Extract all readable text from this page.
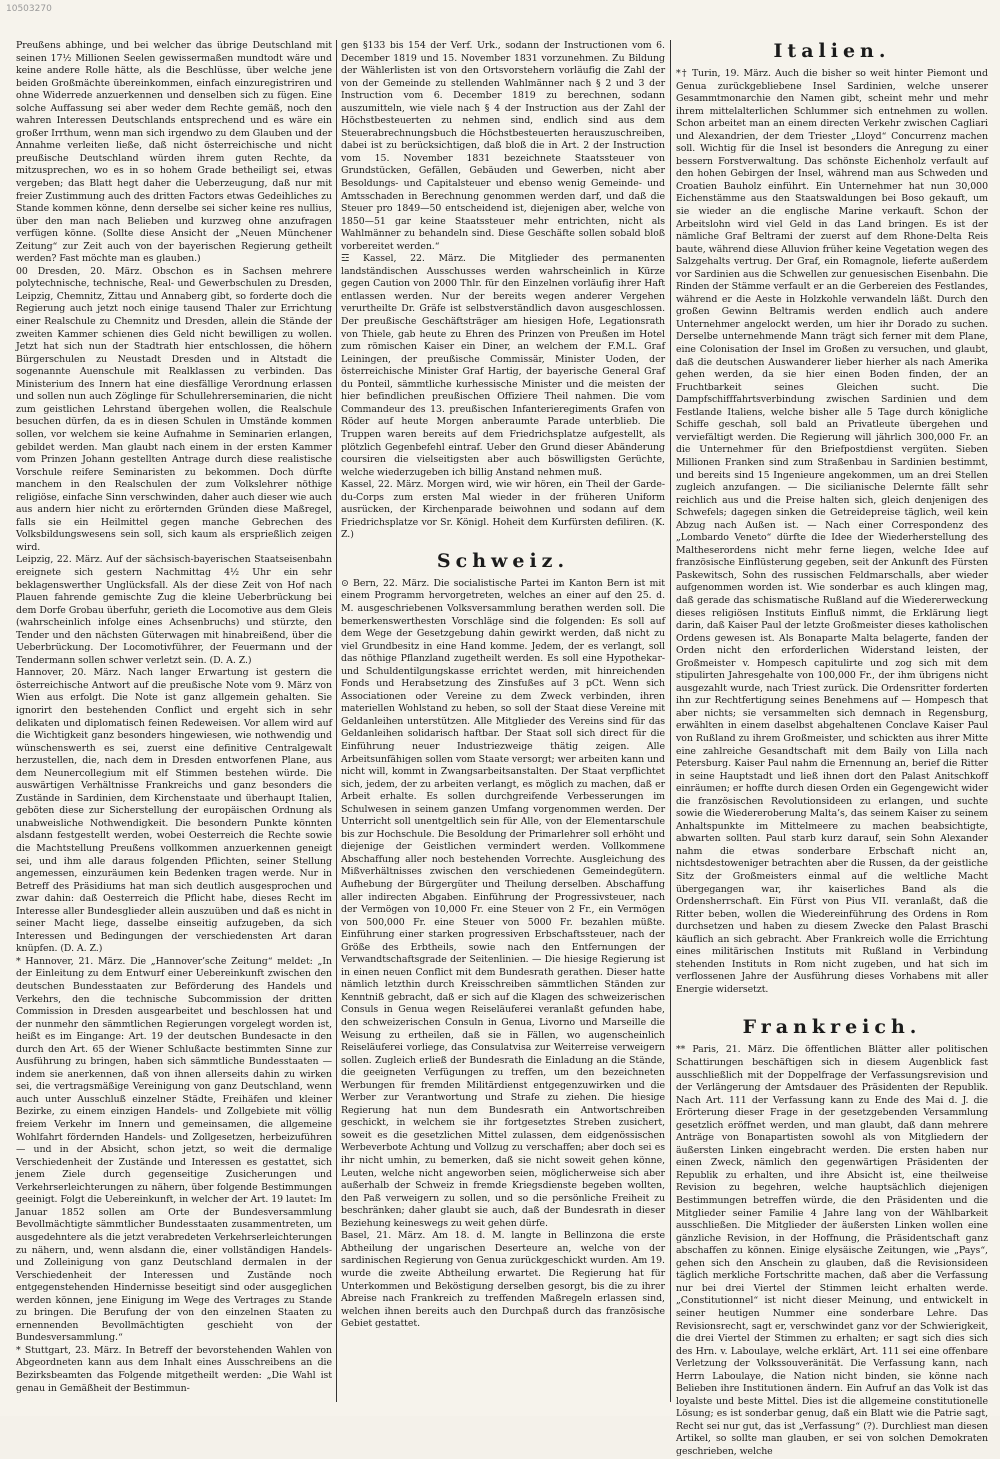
10503270

Preußens abhinge, und bei welcher das übrige Deutschland mit seinen 17½ Millionen Seelen gewissermaßen mundtodt wäre und keine andere Rolle hätte, als die Beschlüsse, über welche jene beiden Großmächte übereinkommen, einfach einzuregistriren und ohne Widerrede anzuerkennen und denselben sich zu fügen. Eine solche Auffassung sei aber weder dem Rechte gemäß, noch den wahren Interessen Deutschlands entsprechend und es wäre ein großer Irrthum, wenn man sich irgendwo zu dem Glauben und der Annahme verleiten ließe, daß nicht österreichische und nicht preußische Deutschland würden ihrem guten Rechte, da mitzusprechen, wo es in so hohem Grade betheiligt sei, etwas vergeben; das Blatt hegt daher die Ueberzeugung, daß nur mit freier Zustimmung auch des dritten Factors etwas Gedeihliches zu Stande kommen könne, denn derselbe sei sicher keine res nullius, über den man nach Belieben und kurzweg ohne anzufragen verfügen könne. (Sollte diese Ansicht der „Neuen Münchener Zeitung“ zur Zeit auch von der bayerischen Regierung getheilt werden? Fast möchte man es glauben.)

00 Dresden, 20. März. Obschon es in Sachsen mehrere polytechnische, technische, Real- und Gewerbschulen zu Dresden, Leipzig, Chemnitz, Zittau und Annaberg gibt, so forderte doch die Regierung auch jetzt noch einige tausend Thaler zur Errichtung einer Realschule zu Chemnitz und Dresden, allein die Stände der zweiten Kammer schienen dies Geld nicht bewilligen zu wollen. Jetzt hat sich nun der Stadtrath hier entschlossen, die höhern Bürgerschulen zu Neustadt Dresden und in Altstadt die sogenannte Auenschule mit Realklassen zu verbinden. Das Ministerium des Innern hat eine diesfällige Verordnung erlassen und sollen nun auch Zöglinge für Schullehrerseminarien, die nicht zum geistlichen Lehrstand übergehen wollen, die Realschule besuchen dürfen, da es in diesen Schulen in Umstände kommen sollen, vor welchem sie keine Aufnahme in Seminarien erlangen, gebildet werden. Man glaubt nach einem in der ersten Kammer vom Prinzen Johann gestellten Antrage durch diese realistische Vorschule reifere Seminaristen zu bekommen. Doch dürfte manchem in den Realschulen der zum Volkslehrer nöthige religiöse, einfache Sinn verschwinden, daher auch dieser wie auch aus andern hier nicht zu erörternden Gründen diese Maßregel, falls sie ein Heilmittel gegen manche Gebrechen des Volksbildungswesens sein soll, sich kaum als ersprießlich zeigen wird.

Leipzig, 22. März. Auf der sächsisch-bayerischen Staatseisenbahn ereignete sich gestern Nachmittag 4½ Uhr ein sehr beklagenswerther Unglücksfall. Als der diese Zeit von Hof nach Plauen fahrende gemischte Zug die kleine Ueberbrückung bei dem Dorfe Grobau überfuhr, gerieth die Locomotive aus dem Gleis (wahrscheinlich infolge eines Achsenbruchs) und stürzte, den Tender und den nächsten Güterwagen mit hinabreißend, über die Ueberbrückung. Der Locomotivführer, der Feuermann und der Tendermann sollen schwer verletzt sein. (D. A. Z.)

Hannover, 20. März. Nach langer Erwartung ist gestern die österreichische Antwort auf die preußische Note vom 9. März von Wien aus erfolgt. Die Note ist ganz allgemein gehalten. Sie ignorirt den bestehenden Conflict und ergeht sich in sehr delikaten und diplomatisch feinen Redeweisen. Vor allem wird auf die Wichtigkeit ganz besonders hingewiesen, wie nothwendig und wünschenswerth es sei, zuerst eine definitive Centralgewalt herzustellen, die, nach dem in Dresden entworfenen Plane, aus dem Neunercollegium mit elf Stimmen bestehen würde. Die auswärtigen Verhältnisse Frankreichs und ganz besonders die Zustände in Sardinien, dem Kirchenstaate und überhaupt Italien, geböten diese zur Sicherstellung der europäischen Ordnung als unabweisliche Nothwendigkeit. Die besondern Punkte könnten alsdann festgestellt werden, wobei Oesterreich die Rechte sowie die Machtstellung Preußens vollkommen anzuerkennen geneigt sei, und ihm alle daraus folgenden Pflichten, seiner Stellung angemessen, einzuräumen kein Bedenken tragen werde. Nur in Betreff des Präsidiums hat man sich deutlich ausgesprochen und zwar dahin: daß Oesterreich die Pflicht habe, dieses Recht im Interesse aller Bundesglieder allein auszuüben und daß es nicht in seiner Macht liege, dasselbe einseitig aufzugeben, da sich Interessen und Bedingungen der verschiedensten Art daran knüpfen. (D. A. Z.)

* Hannover, 21. März. Die „Hannover’sche Zeitung“ meldet: „In der Einleitung zu dem Entwurf einer Uebereinkunft zwischen den deutschen Bundesstaaten zur Beförderung des Handels und Verkehrs, den die technische Subcommission der dritten Commission in Dresden ausgearbeitet und beschlossen hat und der nunmehr den sämmtlichen Regierungen vorgelegt worden ist, heißt es im Eingange: Art. 19 der deutschen Bundesacte in den durch den Art. 65 der Wiener Schlußacte bestimmten Sinne zur Ausführung zu bringen, haben sich sämmtliche Bundesstaaten — indem sie anerkennen, daß von ihnen allerseits dahin zu wirken sei, die vertragsmäßige Vereinigung von ganz Deutschland, wenn auch unter Ausschluß einzelner Städte, Freihäfen und kleiner Bezirke, zu einem einzigen Handels- und Zollgebiete mit völlig freiem Verkehr im Innern und gemeinsamen, die allgemeine Wohlfahrt fördernden Handels- und Zollgesetzen, herbeizuführen — und in der Absicht, schon jetzt, so weit die dermalige Verschiedenheit der Zustände und Interessen es gestattet, sich jenem Ziele durch gegenseitige Zusicherungen und Verkehrserleichterungen zu nähern, über folgende Bestimmungen geeinigt. Folgt die Uebereinkunft, in welcher der Art. 19 lautet: Im Januar 1852 sollen am Orte der Bundesversammlung Bevollmächtigte sämmtlicher Bundesstaaten zusammentreten, um ausgedehntere als die jetzt verabredeten Verkehrserleichterungen zu nähern, und, wenn alsdann die, einer vollständigen Handels- und Zolleinigung von ganz Deutschland dermalen in der Verschiedenheit der Interessen und Zustände noch entgegenstehenden Hindernisse beseitigt sind oder ausgeglichen werden können, jene Einigung im Wege des Vertrages zu Stande zu bringen. Die Berufung der von den einzelnen Staaten zu ernennenden Bevollmächtigten geschieht von der Bundesversammlung.“

* Stuttgart, 23. März. In Betreff der bevorstehenden Wahlen von Abgeordneten kann aus dem Inhalt eines Ausschreibens an die Bezirksbeamten das Folgende mitgetheilt werden: „Die Wahl ist genau in Gemäßheit der Bestimmun-

gen §133 bis 154 der Verf. Urk., sodann der Instructionen vom 6. December 1819 und 15. November 1831 vorzunehmen. Zu Bildung der Wählerlisten ist von den Ortsvorstehern vorläufig die Zahl der von der Gemeinde zu stellenden Wahlmänner nach § 2 und 3 der Instruction vom 6. December 1819 zu berechnen, sodann auszumitteln, wie viele nach § 4 der Instruction aus der Zahl der Höchstbesteuerten zu nehmen sind, endlich sind aus dem Steuerabrechnungsbuch die Höchstbesteuerten herauszuschreiben, dabei ist zu berücksichtigen, daß bloß die in Art. 2 der Instruction vom 15. November 1831 bezeichnete Staatssteuer von Grundstücken, Gefällen, Gebäuden und Gewerben, nicht aber Besoldungs- und Capitalsteuer und ebenso wenig Gemeinde- und Amtsschaden in Berechnung genommen werden darf, und daß die Steuer pro 1849—50 entscheidend ist, diejenigen aber, welche von 1850—51 gar keine Staatssteuer mehr entrichten, nicht als Wahlmänner zu behandeln sind. Diese Geschäfte sollen sobald bloß vorbereitet werden.“

☲ Kassel, 22. März. Die Mitglieder des permanenten landständischen Ausschusses werden wahrscheinlich in Kürze gegen Caution von 2000 Thlr. für den Einzelnen vorläufig ihrer Haft entlassen werden. Nur der bereits wegen anderer Vergehen verurtheilte Dr. Gräfe ist selbstverständlich davon ausgeschlossen. Der preußische Geschäftsträger am hiesigen Hofe, Legationsrath von Thiele, gab heute zu Ehren des Prinzen von Preußen im Hotel zum römischen Kaiser ein Diner, an welchem der F.M.L. Graf Leiningen, der preußische Commissär, Minister Uoden, der österreichische Minister Graf Hartig, der bayerische General Graf du Ponteil, sämmtliche kurhessische Minister und die meisten der hier befindlichen preußischen Offiziere Theil nahmen. Die vom Commandeur des 13. preußischen Infanterieregiments Grafen von Röder auf heute Morgen anberaumte Parade unterblieb. Die Truppen waren bereits auf dem Friedrichsplatze aufgestellt, als plötzlich Gegenbefehl eintraf. Ueber den Grund dieser Abänderung coursiren die vielseitigsten aber auch böswilligsten Gerüchte, welche wiederzugeben ich billig Anstand nehmen muß.

Kassel, 22. März. Morgen wird, wie wir hören, ein Theil der Garde-du-Corps zum ersten Mal wieder in der früheren Uniform ausrücken, der Kirchenparade beiwohnen und sodann auf dem Friedrichsplatze vor Sr. Königl. Hoheit dem Kurfürsten defiliren. (K. Z.)

Schweiz.

⊙ Bern, 22. März. Die socialistische Partei im Kanton Bern ist mit einem Programm hervorgetreten, welches an einer auf den 25. d. M. ausgeschriebenen Volksversammlung berathen werden soll. Die bemerkenswerthesten Vorschläge sind die folgenden: Es soll auf dem Wege der Gesetzgebung dahin gewirkt werden, daß nicht zu viel Grundbesitz in eine Hand komme. Jedem, der es verlangt, soll das nöthige Pflanzland zugetheilt werden. Es soll eine Hypothekar- und Schuldentilgungskasse errichtet werden, mit hinreichenden Fonds und Herabsetzung des Zinsfußes auf 3 pCt. Wenn sich Associationen oder Vereine zu dem Zweck verbinden, ihren materiellen Wohlstand zu heben, so soll der Staat diese Vereine mit Geldanleihen unterstützen. Alle Mitglieder des Vereins sind für das Geldanleihen solidarisch haftbar. Der Staat soll sich direct für die Einführung neuer Industriezweige thätig zeigen. Alle Arbeitsunfähigen sollen vom Staate versorgt; wer arbeiten kann und nicht will, kommt in Zwangsarbeitsanstalten. Der Staat verpflichtet sich, jedem, der zu arbeiten verlangt, es möglich zu machen, daß er Arbeit erhalte. Es sollen durchgreifende Verbesserungen im Schulwesen in seinem ganzen Umfang vorgenommen werden. Der Unterricht soll unentgeltlich sein für Alle, von der Elementarschule bis zur Hochschule. Die Besoldung der Primarlehrer soll erhöht und diejenige der Geistlichen vermindert werden. Vollkommene Abschaffung aller noch bestehenden Vorrechte. Ausgleichung des Mißverhältnisses zwischen den verschiedenen Gemeindegütern. Aufhebung der Bürgergüter und Theilung derselben. Abschaffung aller indirecten Abgaben. Einführung der Progressivsteuer, nach der Vermögen von 10,000 Fr. eine Steuer von 2 Fr., ein Vermögen von 500,000 Fr. eine Steuer von 5000 Fr. bezahlen müßte. Einführung einer starken progressiven Erbschaftssteuer, nach der Größe des Erbtheils, sowie nach den Entfernungen der Verwandtschaftsgrade der Seitenlinien. — Die hiesige Regierung ist in einen neuen Conflict mit dem Bundesrath gerathen. Dieser hatte nämlich letzthin durch Kreisschreiben sämmtlichen Ständen zur Kenntniß gebracht, daß er sich auf die Klagen des schweizerischen Consuls in Genua wegen Reiseläuferei veranlaßt gefunden habe, den schweizerischen Consuln in Genua, Livorno und Marseille die Weisung zu ertheilen, daß sie in Fällen, wo augenscheinlich Reiseläuferei vorliege, das Consulatvisa zur Weiterreise verweigern sollen. Zugleich erließ der Bundesrath die Einladung an die Stände, die geeigneten Verfügungen zu treffen, um den bezeichneten Werbungen für fremden Militärdienst entgegenzuwirken und die Werber zur Verantwortung und Strafe zu ziehen. Die hiesige Regierung hat nun dem Bundesrath ein Antwortschreiben geschickt, in welchem sie ihr fortgesetztes Streben zusichert, soweit es die gesetzlichen Mittel zulassen, dem eidgenössischen Werbeverbote Achtung und Vollzug zu verschaffen; aber doch sei es ihr nicht umhin, zu bemerken, daß sie nicht soweit gehen könne, Leuten, welche nicht angeworben seien, möglicherweise sich aber außerhalb der Schweiz in fremde Kriegsdienste begeben wollten, den Paß verweigern zu sollen, und so die persönliche Freiheit zu beschränken; daher glaubt sie auch, daß der Bundesrath in dieser Beziehung keineswegs zu weit gehen dürfe.

Basel, 21. März. Am 18. d. M. langte in Bellinzona die erste Abtheilung der ungarischen Deserteure an, welche von der sardinischen Regierung von Genua zurückgeschickt wurden. Am 19. wurde die zweite Abtheilung erwartet. Die Regierung hat für Unterkommen und Beköstigung derselben gesorgt, bis die zu ihrer Abreise nach Frankreich zu treffenden Maßregeln erlassen sind, welchen ihnen bereits auch den Durchpaß durch das französische Gebiet gestattet.

Italien.

*† Turin, 19. März. Auch die bisher so weit hinter Piemont und Genua zurückgebliebene Insel Sardinien, welche unserer Gesammtmonarchie den Namen gibt, scheint mehr und mehr ihrem mittelalterlichen Schlummer sich entnehmen zu wollen. Schon arbeitet man an einem directen Verkehr zwischen Cagliari und Alexandrien, der dem Triester „Lloyd“ Concurrenz machen soll. Wichtig für die Insel ist besonders die Anregung zu einer bessern Forstverwaltung. Das schönste Eichenholz verfault auf den hohen Gebirgen der Insel, während man aus Schweden und Croatien Bauholz einführt. Ein Unternehmer hat nun 30,000 Eichenstämme aus den Staatswaldungen bei Boso gekauft, um sie wieder an die englische Marine verkauft. Schon der Arbeitslohn wird viel Geld in das Land bringen. Es ist der nämliche Graf Beltrami der zuerst auf dem Rhone-Delta Reis baute, während diese Alluvion früher keine Vegetation wegen des Salzgehalts vertrug. Der Graf, ein Romagnole, lieferte außerdem vor Sardinien aus die Schwellen zur genuesischen Eisenbahn. Die Rinden der Stämme verfault er an die Gerbereien des Festlandes, während er die Aeste in Holzkohle verwandeln läßt. Durch den großen Gewinn Beltramis werden endlich auch andere Unternehmer angelockt werden, um hier ihr Dorado zu suchen. Derselbe unternehmende Mann trägt sich ferner mit dem Plane, eine Colonisation der Insel im Großen zu versuchen, und glaubt, daß die deutschen Auswanderer lieber hierher als nach Amerika gehen werden, da sie hier einen Boden finden, der an Fruchtbarkeit seines Gleichen sucht. Die Dampfschifffahrtsverbindung zwischen Sardinien und dem Festlande Italiens, welche bisher alle 5 Tage durch königliche Schiffe geschah, soll bald an Privatleute übergehen und verviefältigt werden. Die Regierung will jährlich 300,000 Fr. an die Unternehmer für den Briefpostdienst vergüten. Sieben Millionen Franken sind zum Straßenbau in Sardinien bestimmt, und bereits sind 15 Ingenieure angekommen, um an drei Stellen zugleich anzufangen. — Die sicilianische Delernte fällt sehr reichlich aus und die Preise halten sich, gleich denjenigen des Schwefels; dagegen sinken die Getreidepreise täglich, weil kein Abzug nach Außen ist. — Nach einer Correspondenz des „Lombardo Veneto“ dürfte die Idee der Wiederherstellung des Maltheserordens nicht mehr ferne liegen, welche Idee auf französische Einflüsterung gegeben, seit der Ankunft des Fürsten Paskewitsch, Sohn des russischen Feldmarschalls, aber wieder aufgenommen worden ist. Wie sonderbar es auch klingen mag, daß gerade das schismatische Rußland auf die Wiedererweckung dieses religiösen Instituts Einfluß nimmt, die Erklärung liegt darin, daß Kaiser Paul der letzte Großmeister dieses katholischen Ordens gewesen ist. Als Bonaparte Malta belagerte, fanden der Orden nicht den erforderlichen Widerstand leisten, der Großmeister v. Hompesch capitulirte und zog sich mit dem stipulirten Jahresgehalte von 100,000 Fr., der ihm übrigens nicht ausgezahlt wurde, nach Triest zurück. Die Ordensritter forderten ihn zur Rechtfertigung seines Benehmens auf — Hompesch that aber nichts; sie versammelten sich demnach in Regensburg, erwählten in einem daselbst abgehaltenen Conclave Kaiser Paul von Rußland zu ihrem Großmeister, und schickten aus ihrer Mitte eine zahlreiche Gesandtschaft mit dem Baily von Lilla nach Petersburg. Kaiser Paul nahm die Ernennung an, berief die Ritter in seine Hauptstadt und ließ ihnen dort den Palast Anitschkoff einräumen; er hoffte durch diesen Orden ein Gegengewicht wider die französischen Revolutionsideen zu erlangen, und suchte sowie die Wiedereroberung Malta’s, das seinem Kaiser zu seinem Anhaltspunkte im Mittelmeere zu machen beabsichtigte, abwarten sollten. Paul starb kurz darauf, sein Sohn Alexander nahm die etwas sonderbare Erbschaft nicht an, nichtsdestoweniger betrachten aber die Russen, da der geistliche Sitz der Großmeisters einmal auf die weltliche Macht übergegangen war, ihr kaiserliches Band als die Ordensherrschaft. Ein Fürst von Pius VII. veranlaßt, daß die Ritter beben, wollen die Wiedereinführung des Ordens in Rom durchsetzen und haben zu diesem Zwecke den Palast Braschi käuflich an sich gebracht. Aber Frankreich wolle die Errichtung eines militärischen Instituts mit Rußland in Verbindung stehenden Instituts in Rom nicht zugeben, und hat sich im verflossenen Jahre der Ausführung dieses Vorhabens mit aller Energie widersetzt.

Frankreich.

** Paris, 21. März. Die öffentlichen Blätter aller politischen Schattirungen beschäftigen sich in diesem Augenblick fast ausschließlich mit der Doppelfrage der Verfassungsrevision und der Verlängerung der Amtsdauer des Präsidenten der Republik. Nach Art. 111 der Verfassung kann zu Ende des Mai d. J. die Erörterung dieser Frage in der gesetzgebenden Versammlung gesetzlich eröffnet werden, und man glaubt, daß dann mehrere Anträge von Bonapartisten sowohl als von Mitgliedern der äußersten Linken eingebracht werden. Die ersten haben nur einen Zweck, nämlich den gegenwärtigen Präsidenten der Republik zu erhalten, und ihre Absicht ist, eine theilweise Revision zu begehren, welche hauptsächlich diejenigen Bestimmungen betreffen würde, die den Präsidenten und die Mitglieder seiner Familie 4 Jahre lang von der Wählbarkeit ausschließen. Die Mitglieder der äußersten Linken wollen eine gänzliche Revision, in der Hoffnung, die Präsidentschaft ganz abschaffen zu können. Einige elysäische Zeitungen, wie „Pays“, gehen sich den Anschein zu glauben, daß die Revisionsideen täglich merkliche Fortschritte machen, daß aber die Verfassung nur bei drei Viertel der Stimmen leicht erhalten werde. „Constitutionnel“ ist nicht dieser Meinung, und entwickelt in seiner heutigen Nummer eine sonderbare Lehre. Das Revisionsrecht, sagt er, verschwindet ganz vor der Schwierigkeit, die drei Viertel der Stimmen zu erhalten; er sagt sich dies sich des Hrn. v. Laboulaye, welche erklärt, Art. 111 sei eine offenbare Verletzung der Volkssouveränität. Die Verfassung kann, nach Herrn Laboulaye, die Nation nicht binden, sie könne nach Belieben ihre Institutionen ändern. Ein Aufruf an das Volk ist das loyalste und beste Mittel. Dies ist die allgemeine constitutionelle Lösung; es ist sonderbar genug, daß ein Blatt wie die Patrie sagt, Recht sei nur gut, das ist „Verfassung“ (?). Durchliest man diesen Artikel, so sollte man glauben, er sei von solchen Demokraten geschrieben, welche
